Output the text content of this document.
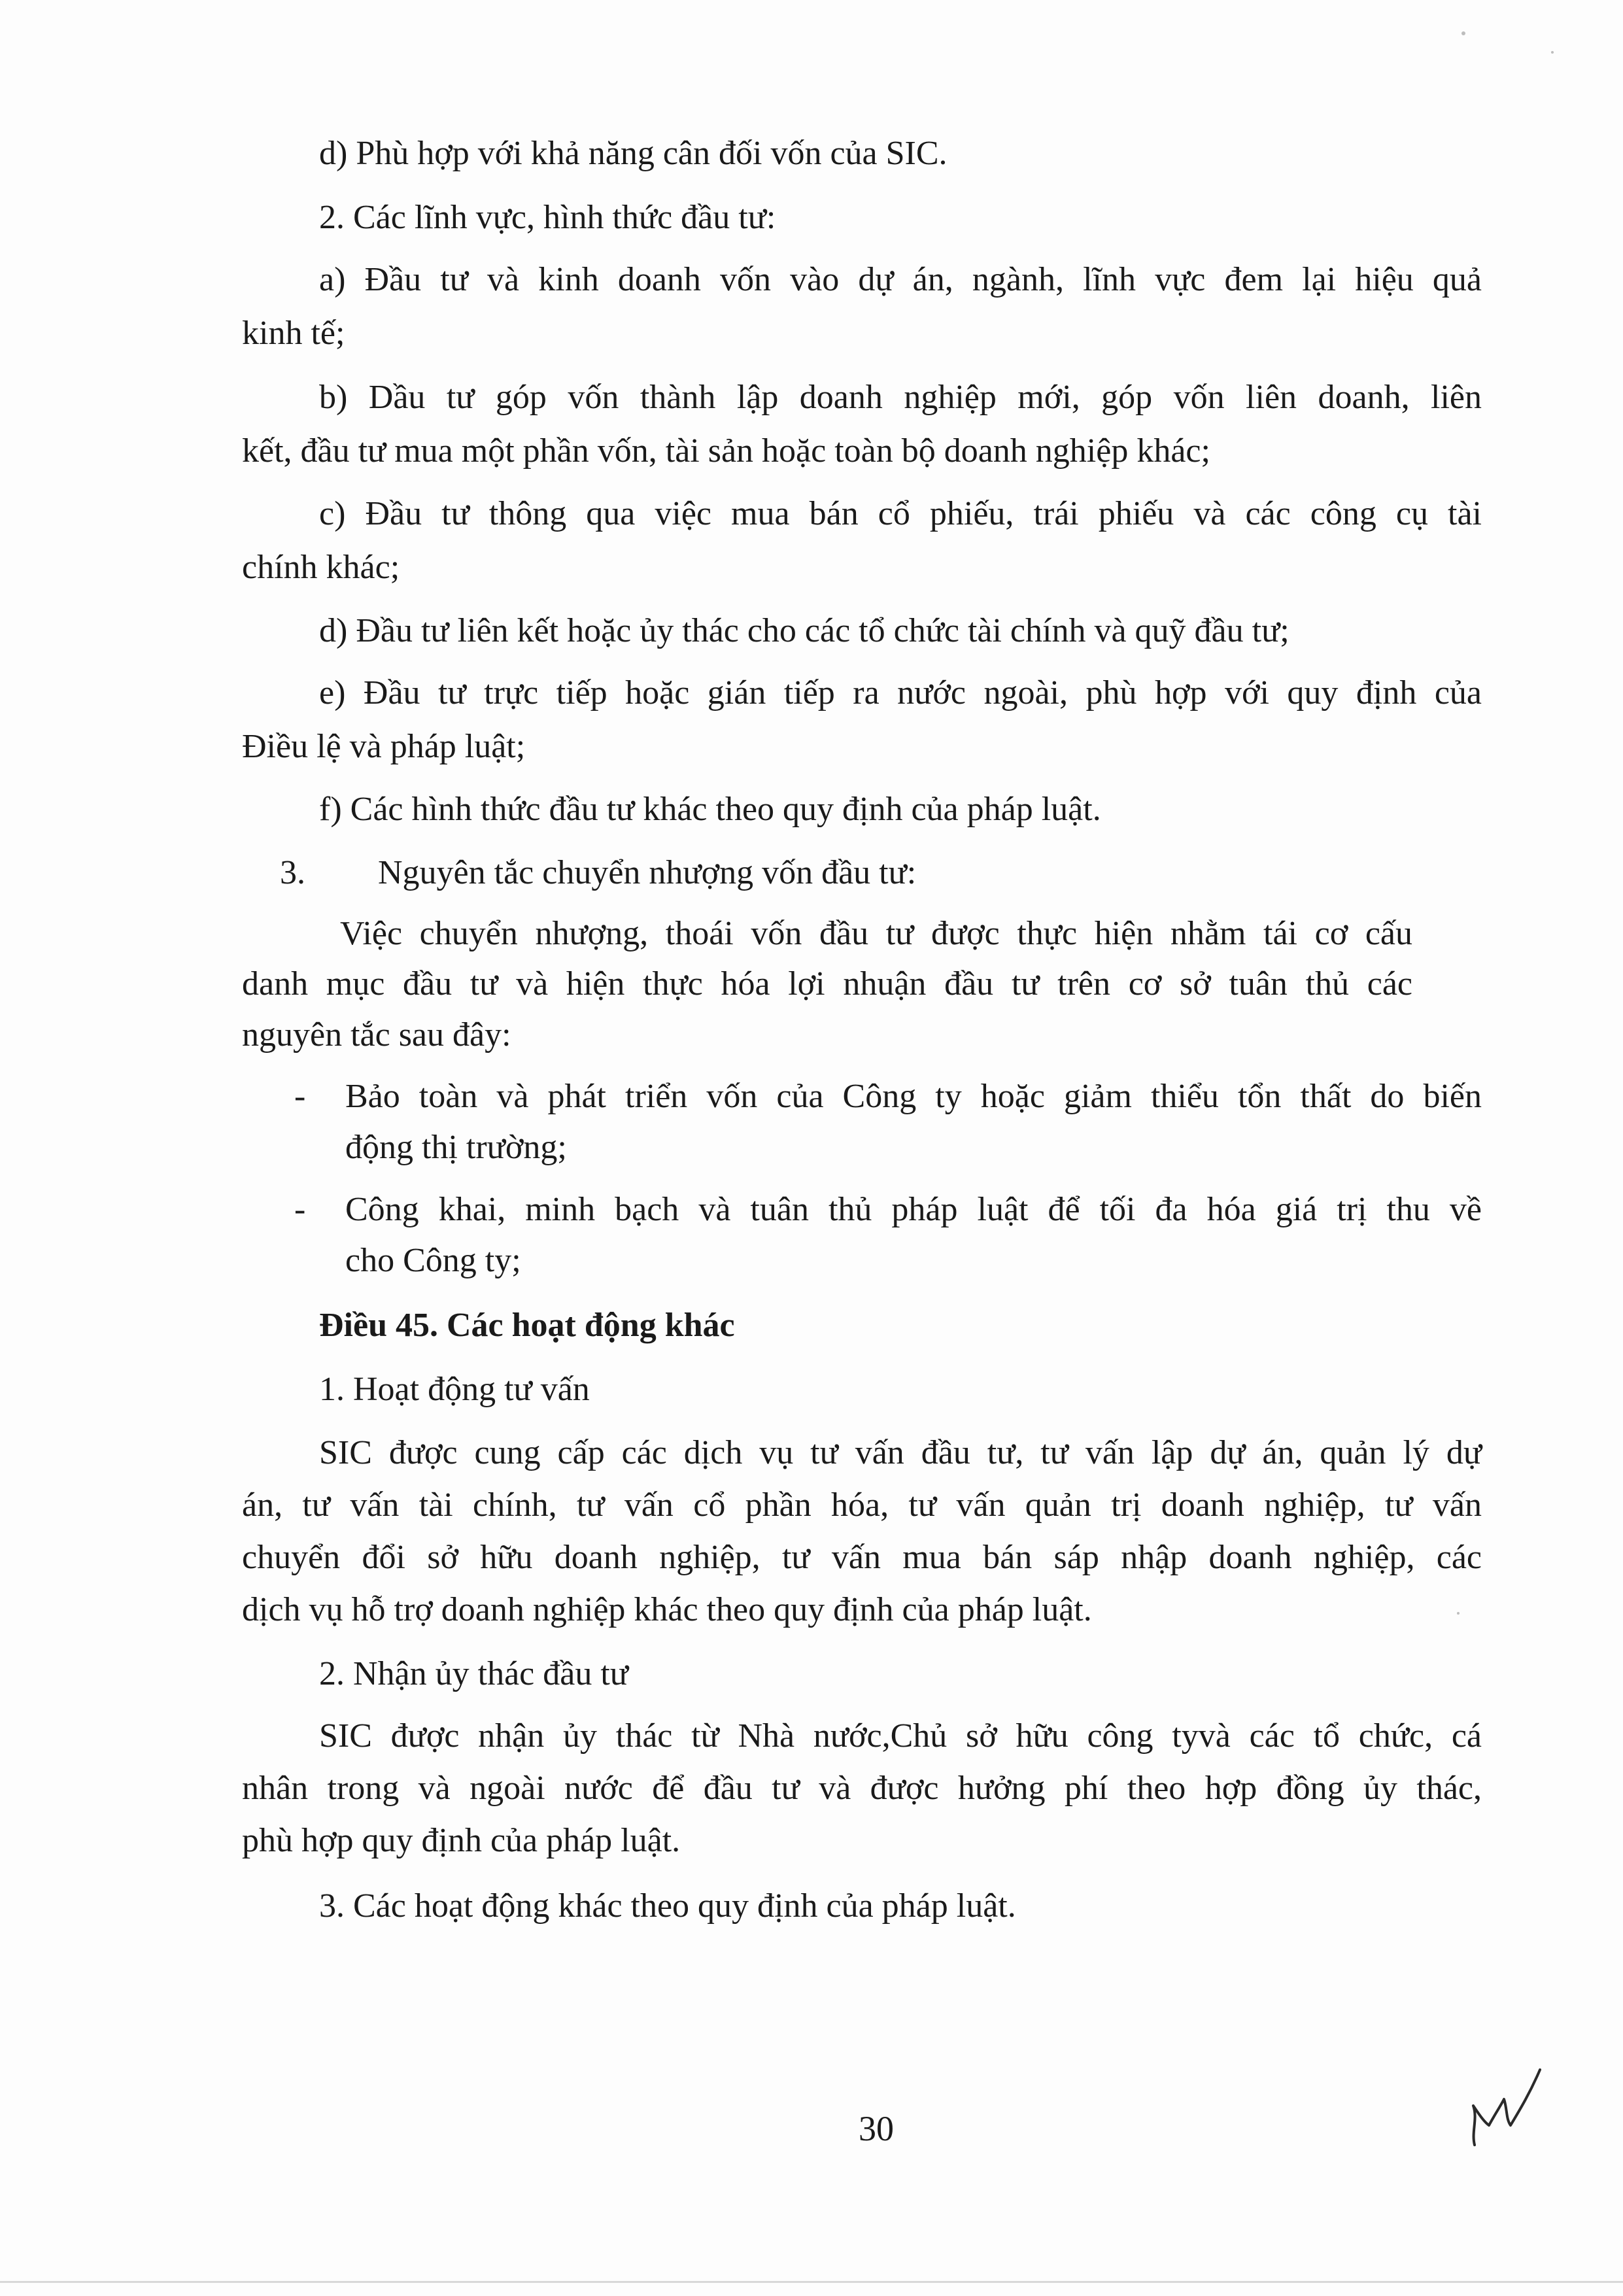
d) Phù hợp với khả năng cân đối vốn của SIC.
2. Các lĩnh vực, hình thức đầu tư:
a) Đầu tư và kinh doanh vốn vào dự án, ngành, lĩnh vực đem lại hiệu quả
kinh tế;
b) Dầu tư góp vốn thành lập doanh nghiệp mới, góp vốn liên doanh, liên
kết, đầu tư mua một phần vốn, tài sản hoặc toàn bộ doanh nghiệp khác;
c) Đầu tư thông qua việc mua bán cổ phiếu, trái phiếu và các công cụ tài
chính khác;
d) Đầu tư liên kết hoặc ủy thác cho các tổ chức tài chính và quỹ đầu tư;
e) Đầu tư trực tiếp hoặc gián tiếp ra nước ngoài, phù hợp với quy định của
Điều lệ và pháp luật;
f) Các hình thức đầu tư khác theo quy định của pháp luật.
3. Nguyên tắc chuyển nhượng vốn đầu tư:
Việc chuyển nhượng, thoái vốn đầu tư được thực hiện nhằm tái cơ cấu
danh mục đầu tư và hiện thực hóa lợi nhuận đầu tư trên cơ sở tuân thủ các
nguyên tắc sau đây:
- Bảo toàn và phát triển vốn của Công ty hoặc giảm thiểu tổn thất do biến
động thị trường;
- Công khai, minh bạch và tuân thủ pháp luật để tối đa hóa giá trị thu về
cho Công ty;
Điều 45. Các hoạt động khác
1. Hoạt động tư vấn
SIC được cung cấp các dịch vụ tư vấn đầu tư, tư vấn lập dự án, quản lý dự
án, tư vấn tài chính, tư vấn cổ phần hóa, tư vấn quản trị doanh nghiệp, tư vấn
chuyển đổi sở hữu doanh nghiệp, tư vấn mua bán sáp nhập doanh nghiệp, các
dịch vụ hỗ trợ doanh nghiệp khác theo quy định của pháp luật.
2. Nhận ủy thác đầu tư
SIC được nhận ủy thác từ Nhà nước,Chủ sở hữu công tyvà các tổ chức, cá
nhân trong và ngoài nước để đầu tư và được hưởng phí theo hợp đồng ủy thác,
phù hợp quy định của pháp luật.
3. Các hoạt động khác theo quy định của pháp luật.
30
